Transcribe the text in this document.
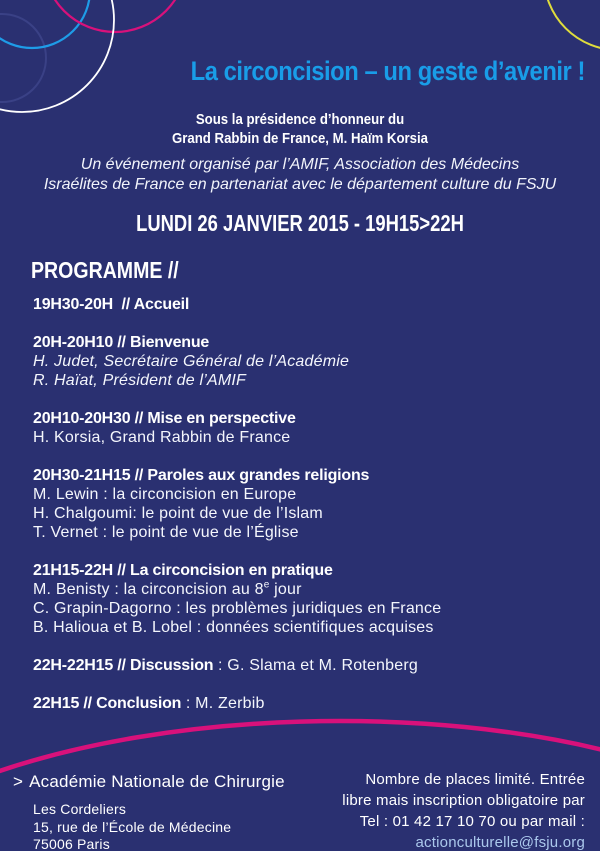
La circoncision – un geste d’avenir !
Sous la présidence d’honneur du
Grand Rabbin de France, M. Haïm Korsia
Un événement organisé par l’AMIF, Association des Médecins
Israélites de France en partenariat avec le département culture du FSJU
LUNDI 26 JANVIER 2015 - 19H15>22H
PROGRAMME //
19H30-20H  // Accueil
20H-20H10 // Bienvenue
H. Judet, Secrétaire Général de l’Académie
R. Haïat, Président de l’AMIF
20H10-20H30 // Mise en perspective
H. Korsia, Grand Rabbin de France
20H30-21H15 // Paroles aux grandes religions
M. Lewin : la circoncision en Europe
H. Chalgoumi: le point de vue de l’Islam
T. Vernet : le point de vue de l’Église
21H15-22H // La circoncision en pratique
M. Benisty : la circoncision au 8e jour
C. Grapin-Dagorno : les problèmes juridiques en France
B. Halioua et B. Lobel : données scientifiques acquises
22H-22H15 // Discussion : G. Slama et M. Rotenberg
22H15 // Conclusion : M. Zerbib
> Académie Nationale de Chirurgie
Les Cordeliers
15, rue de l’École de Médecine
75006 Paris
Nombre de places limité. Entrée
libre mais inscription obligatoire par
Tel : 01 42 17 10 70 ou par mail :
actionculturelle@fsju.org
